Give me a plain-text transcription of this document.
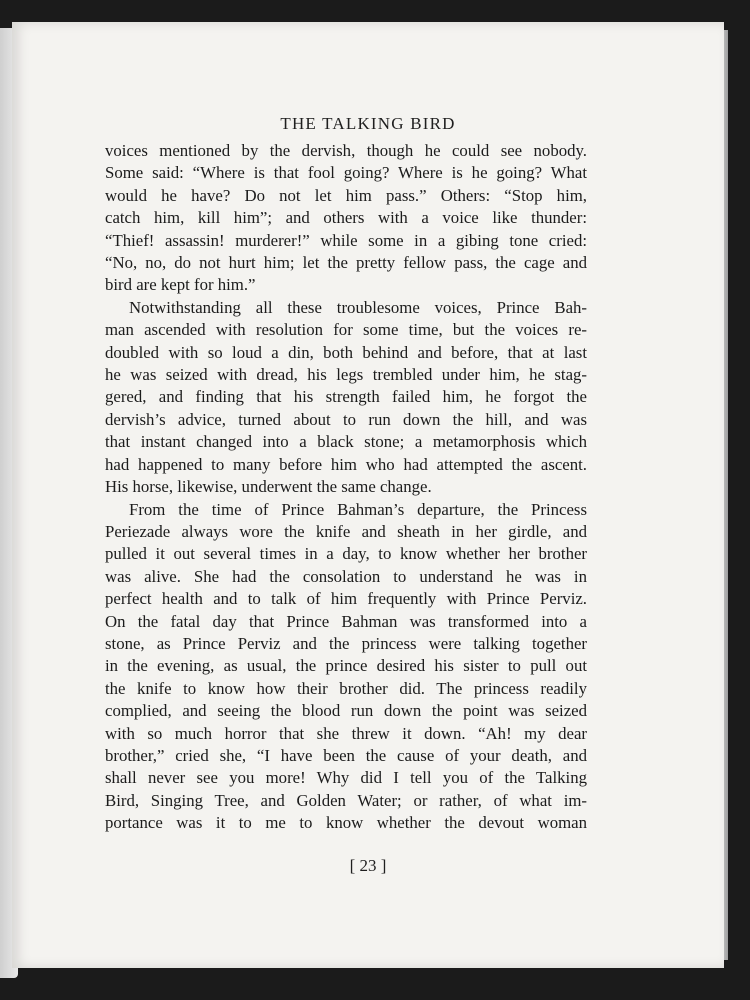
THE TALKING BIRD

voices mentioned by the dervish, though he could see nobody.
Some said: “Where is that fool going? Where is he going? What
would he have? Do not let him pass.” Others: “Stop him,
catch him, kill him”; and others with a voice like thunder:
“Thief! assassin! murderer!” while some in a gibing tone cried:
“No, no, do not hurt him; let the pretty fellow pass, the cage and
bird are kept for him.”

Notwithstanding all these troublesome voices, Prince Bah-
man ascended with resolution for some time, but the voices re-
doubled with so loud a din, both behind and before, that at last
he was seized with dread, his legs trembled under him, he stag-
gered, and finding that his strength failed him, he forgot the
dervish’s advice, turned about to run down the hill, and was
that instant changed into a black stone; a metamorphosis which
had happened to many before him who had attempted the ascent.
His horse, likewise, underwent the same change.

From the time of Prince Bahman’s departure, the Princess
Periezade always wore the knife and sheath in her girdle, and
pulled it out several times in a day, to know whether her brother
was alive. She had the consolation to understand he was in
perfect health and to talk of him frequently with Prince Perviz.
On the fatal day that Prince Bahman was transformed into a
stone, as Prince Perviz and the princess were talking together
in the evening, as usual, the prince desired his sister to pull out
the knife to know how their brother did. The princess readily
complied, and seeing the blood run down the point was seized
with so much horror that she threw it down. “Ah! my dear
brother,” cried she, “I have been the cause of your death, and
shall never see you more! Why did I tell you of the Talking
Bird, Singing Tree, and Golden Water; or rather, of what im-
portance was it to me to know whether the devout woman

[ 23 ]
